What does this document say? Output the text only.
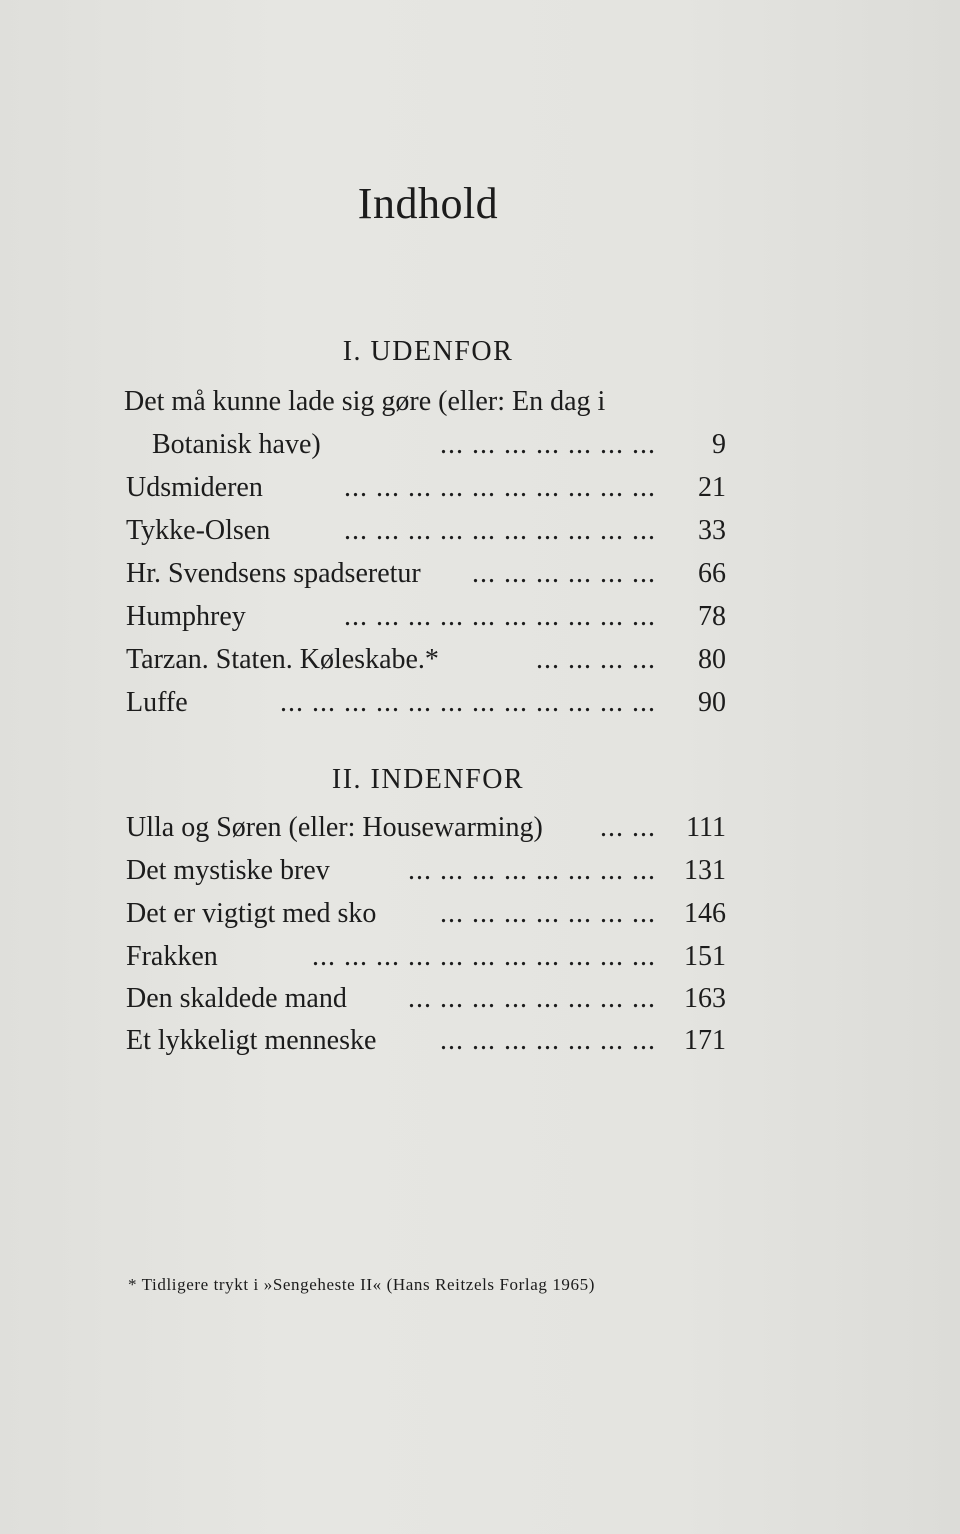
Indhold
I. UDENFOR
Det må kunne lade sig gøre (eller: En dag i
Botanisk have)	... ... ... ... ... ... ...	9
Udsmideren	... ... ... ... ... ... ... ... ... ...	21
Tykke-Olsen	... ... ... ... ... ... ... ... ... ...	33
Hr. Svendsens spadseretur ... ... ... ... ... ...	66
Humphrey	... ... ... ... ... ... ... ... ... ...	78
Tarzan. Staten. Køleskabe.*	... ... ... ...	80
Luffe	... ... ... ... ... ... ... ... ... ... ... ...	90
II. INDENFOR
Ulla og Søren (eller: Housewarming) ... ...	111
Det mystiske brev	... ... ... ... ... ... ... ...	131
Det er vigtigt med sko ... ... ... ... ... ... ...	146
Frakken	... ... ... ... ... ... ... ... ... ... ...	151
Den skaldede mand ... ... ... ... ... ... ... ...	163
Et lykkeligt menneske ... ... ... ... ... ... ...	171
* Tidligere trykt i »Sengeheste II« (Hans Reitzels Forlag 1965)
